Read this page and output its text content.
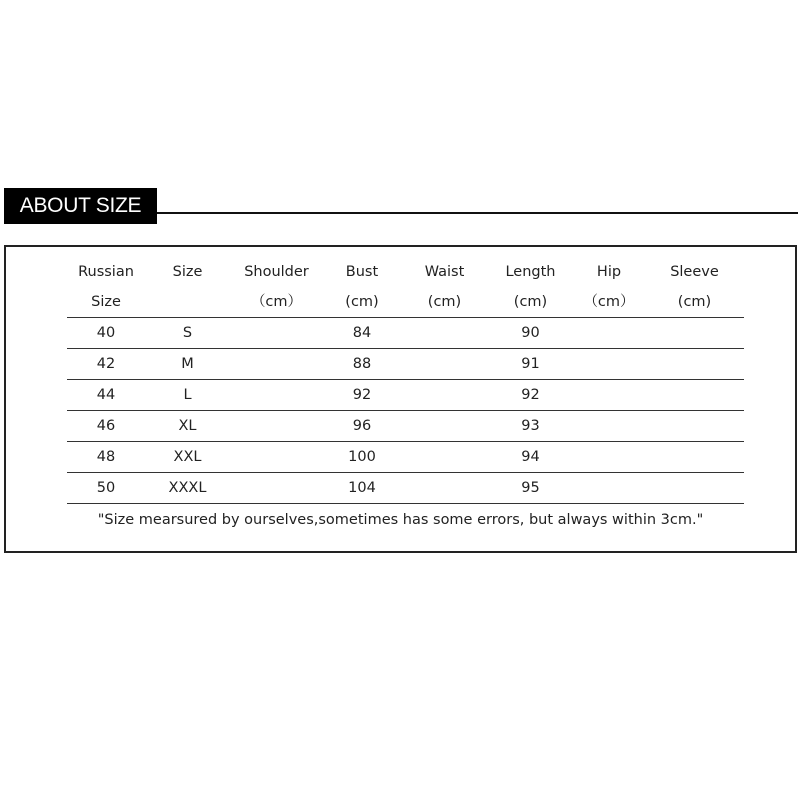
ABOUT SIZE
Russian	Size	Shoulder	Bust	Waist	Length	Hip	Sleeve
Size		（cm）	(cm)	(cm)	(cm)	（cm）	(cm)
40	S		84		90		
42	M		88		91		
44	L		92		92		
46	XL		96		93		
48	XXL		100		94		
50	XXXL		104		95		
"Size mearsured by ourselves,sometimes has some errors, but always within 3cm."
